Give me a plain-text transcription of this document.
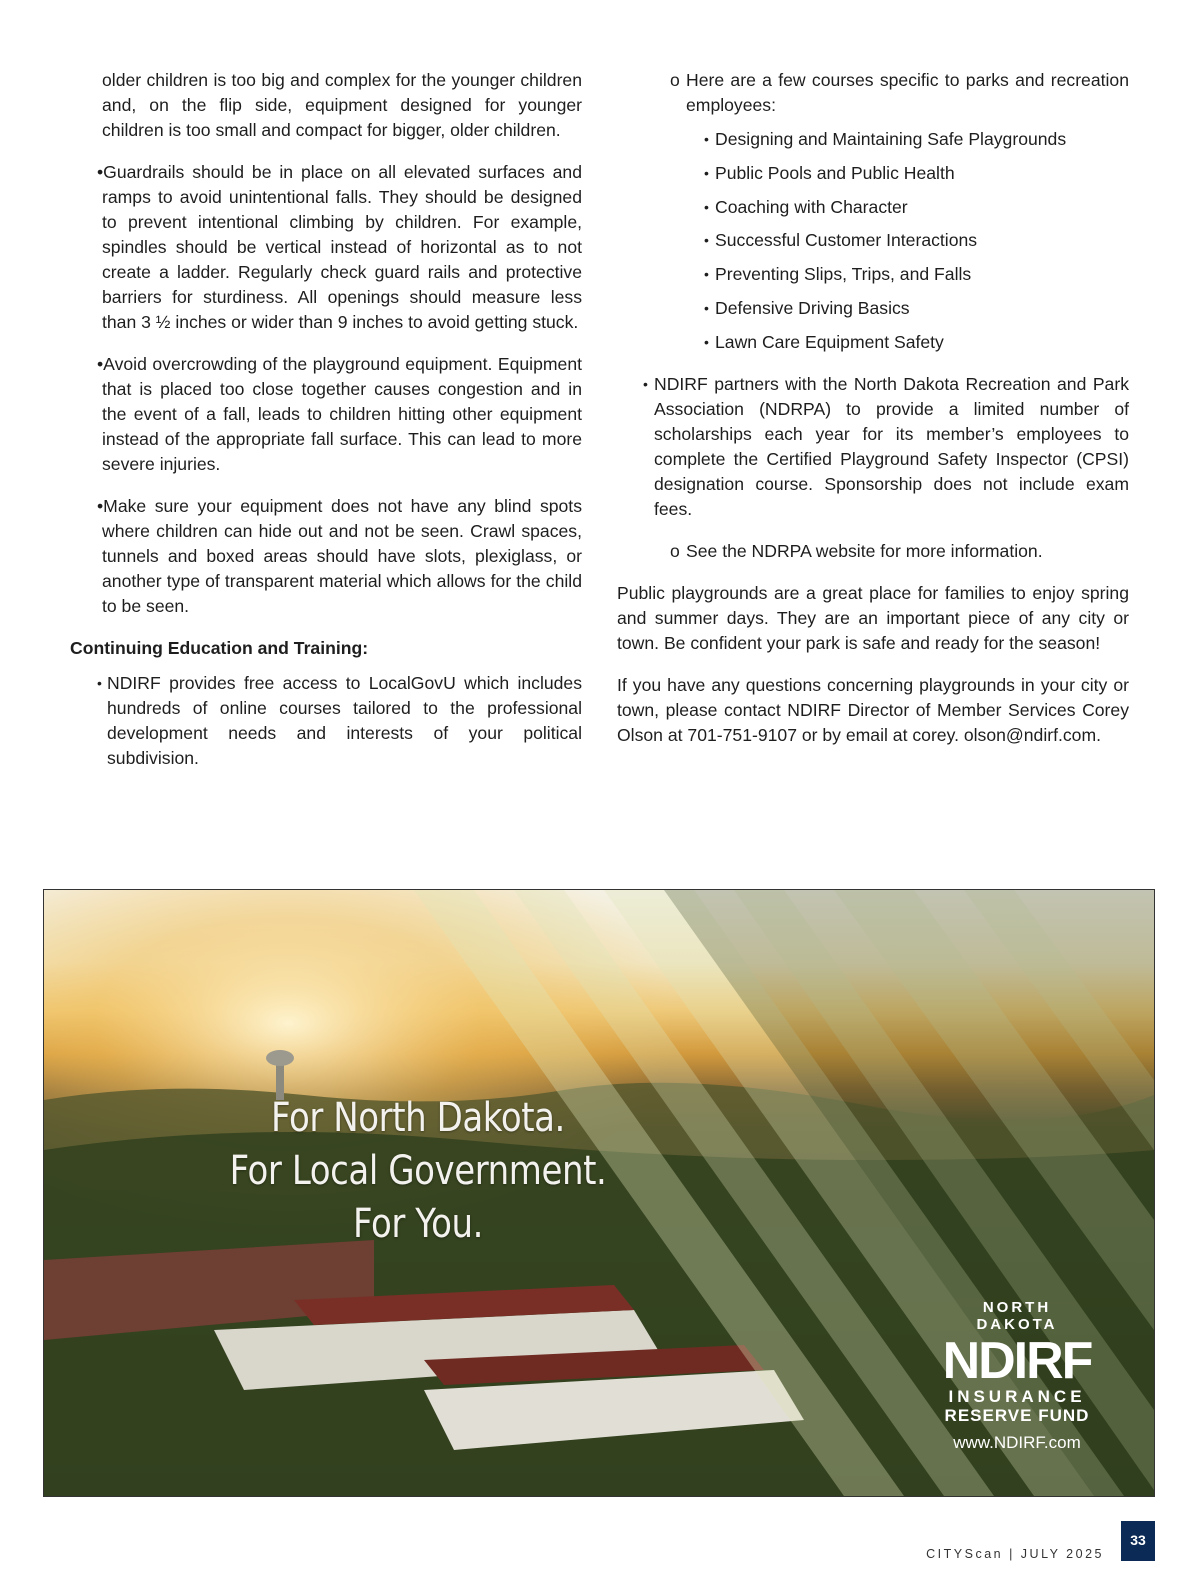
older children is too big and complex for the younger children and, on the flip side, equipment designed for younger children is too small and compact for bigger, older children.

•Guardrails should be in place on all elevated surfaces and ramps to avoid unintentional falls. They should be designed to prevent intentional climbing by children. For example, spindles should be vertical instead of horizontal as to not create a ladder. Regularly check guard rails and protective barriers for sturdiness. All openings should measure less than 3 ½ inches or wider than 9 inches to avoid getting stuck.

•Avoid overcrowding of the playground equipment. Equipment that is placed too close together causes congestion and in the event of a fall, leads to children hitting other equipment instead of the appropriate fall surface. This can lead to more severe injuries.

•Make sure your equipment does not have any blind spots where children can hide out and not be seen. Crawl spaces, tunnels and boxed areas should have slots, plexiglass, or another type of transparent material which allows for the child to be seen.

Continuing Education and Training:
• NDIRF provides free access to LocalGovU which includes hundreds of online courses tailored to the professional development needs and interests of your political subdivision.
o Here are a few courses specific to parks and recreation employees:
• Designing and Maintaining Safe Playgrounds
• Public Pools and Public Health
• Coaching with Character
• Successful Customer Interactions
• Preventing Slips, Trips, and Falls
• Defensive Driving Basics
• Lawn Care Equipment Safety
• NDIRF partners with the North Dakota Recreation and Park Association (NDRPA) to provide a limited number of scholarships each year for its member’s employees to complete the Certified Playground Safety Inspector (CPSI) designation course. Sponsorship does not include exam fees.
o See the NDRPA website for more information.

Public playgrounds are a great place for families to enjoy spring and summer days. They are an important piece of any city or town. Be confident your park is safe and ready for the season!

If you have any questions concerning playgrounds in your city or town, please contact NDIRF Director of Member Services Corey Olson at 701-751-9107 or by email at corey. olson@ndirf.com.

For North Dakota.
For Local Government.
For You.
NORTH DAKOTA
NDIRF
INSURANCE
RESERVE FUND
www.NDIRF.com
CITYScan | JULY 2025
33
